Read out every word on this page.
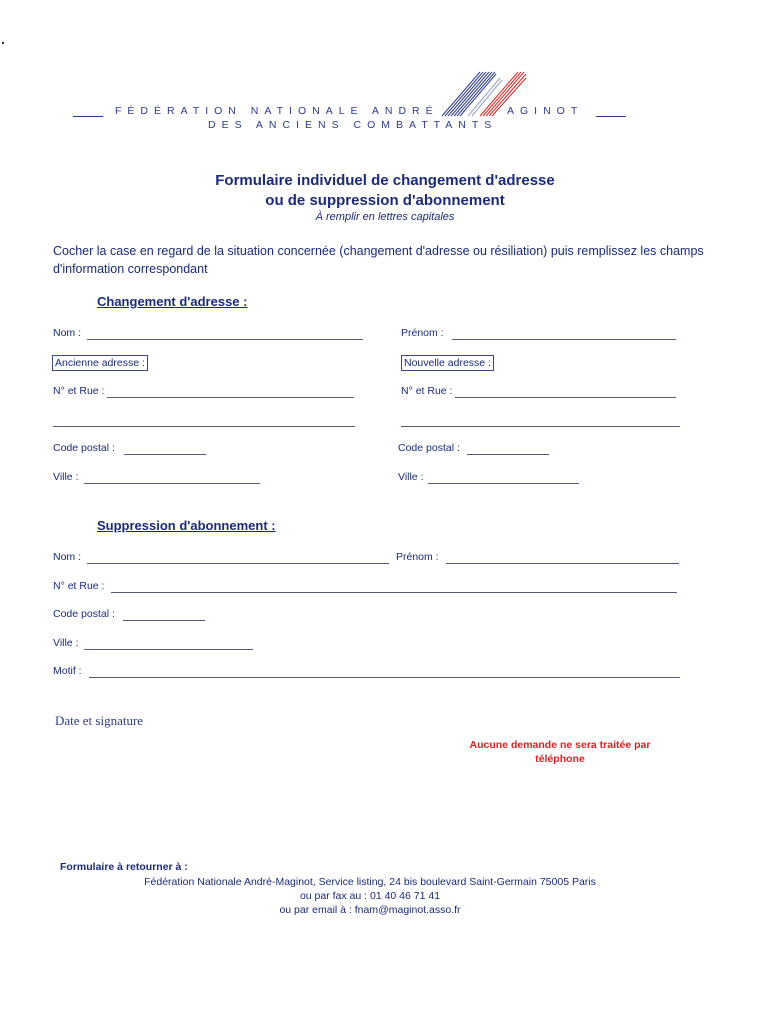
FÉDÉRATION NATIONALE ANDRÉ
DES ANCIENS COMBATTANTS
AGINOT
Formulaire individuel de changement d'adresse
ou de suppression d'abonnement
À remplir en lettres capitales
Cocher la case en regard de la situation concernée (changement d'adresse ou résiliation) puis remplissez les champs d'information correspondant
Changement d'adresse :
Nom :	Prénom :
Ancienne adresse :	Nouvelle adresse :
N° et Rue :	N° et Rue :
Code postal :	Code postal :
Ville :	Ville :
Suppression d'abonnement :
Nom :	Prénom :
N° et Rue :
Code postal :
Ville :
Motif :
Date et signature
Aucune demande ne sera traitée par
téléphone
Formulaire à retourner à :
Fédération Nationale André-Maginot, Service listing, 24 bis boulevard Saint-Germain 75005 Paris
ou par fax au : 01 40 46 71 41
ou par email à : fnam@maginot.asso.fr
